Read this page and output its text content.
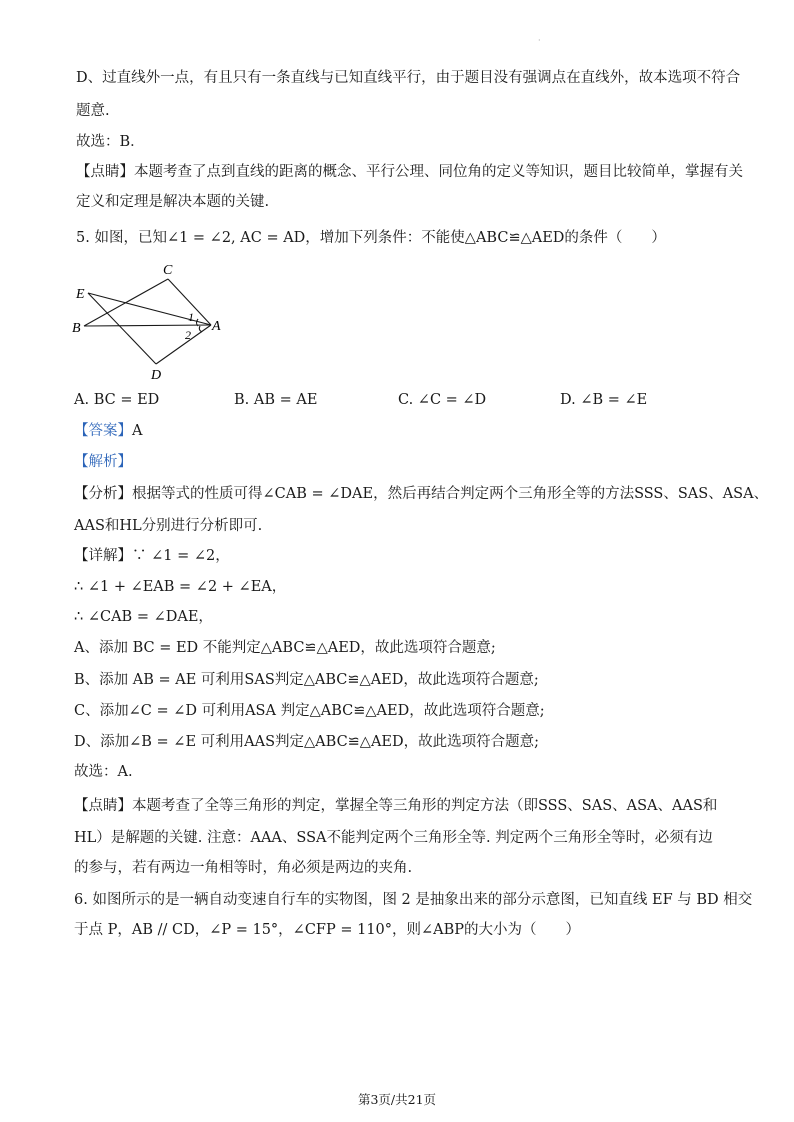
·
D、过直线外一点，有且只有一条直线与已知直线平行，由于题目没有强调点在直线外，故本选项不符合
题意.
故选：B．
【点睛】本题考查了点到直线的距离的概念、平行公理、同位角的定义等知识，题目比较简单，掌握有关
定义和定理是解决本题的关键.
5. 如图，已知∠1 = ∠2, AC = AD，增加下列条件：不能使△ABC≌△AED的条件（　　）
C
E
B	A
D
1
2
A. BC = ED	B. AB = AE	C. ∠C = ∠D	D. ∠B = ∠E
【答案】A
【解析】
【分析】根据等式的性质可得∠CAB = ∠DAE，然后再结合判定两个三角形全等的方法SSS、SAS、ASA、
AAS和HL分别进行分析即可.
【详解】∵ ∠1 = ∠2，
∴ ∠1 + ∠EAB = ∠2 + ∠EA，
∴ ∠CAB = ∠DAE，
A、添加 BC = ED 不能判定△ABC≌△AED，故此选项符合题意;
B、添加 AB = AE 可利用SAS判定△ABC≌△AED，故此选项符合题意;
C、添加∠C = ∠D 可利用ASA 判定△ABC≌△AED，故此选项符合题意;
D、添加∠B = ∠E 可利用AAS判定△ABC≌△AED，故此选项符合题意;
故选：A.
【点睛】本题考查了全等三角形的判定，掌握全等三角形的判定方法（即SSS、SAS、ASA、AAS和
HL）是解题的关键. 注意：AAA、SSA不能判定两个三角形全等. 判定两个三角形全等时，必须有边
的参与，若有两边一角相等时，角必须是两边的夹角.
6. 如图所示的是一辆自动变速自行车的实物图，图 2 是抽象出来的部分示意图，已知直线 EF 与 BD 相交
于点 P，AB // CD，∠P = 15°，∠CFP = 110°，则∠ABP的大小为（　　）
第3页/共21页
